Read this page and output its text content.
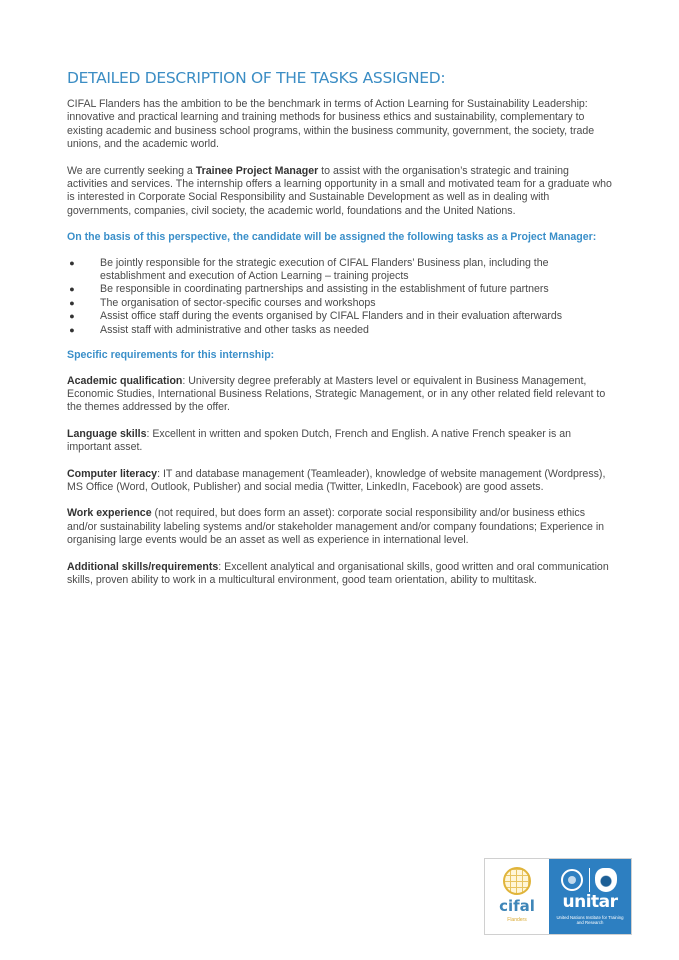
DETAILED DESCRIPTION OF THE TASKS ASSIGNED:

CIFAL Flanders has the ambition to be the benchmark in terms of Action Learning for Sustainability Leadership: innovative and practical learning and training methods for business ethics and sustainability, complementary to existing academic and business school programs, within the business community, government, the society, trade unions, and the academic world.

We are currently seeking a Trainee Project Manager to assist with the organisation’s strategic and training activities and services. The internship offers a learning opportunity in a small and motivated team for a graduate who is interested in Corporate Social Responsibility and Sustainable Development as well as in dealing with governments, companies, civil society, the academic world, foundations and the United Nations.

On the basis of this perspective, the candidate will be assigned the following tasks as a Project Manager:

● Be jointly responsible for the strategic execution of CIFAL Flanders’ Business plan, including the establishment and execution of Action Learning – training projects
● Be responsible in coordinating partnerships and assisting in the establishment of future partners
● The organisation of sector-specific courses and workshops
● Assist office staff during the events organised by CIFAL Flanders and in their evaluation afterwards
● Assist staff with administrative and other tasks as needed

Specific requirements for this internship:

Academic qualification: University degree preferably at Masters level or equivalent in Business Management, Economic Studies, International Business Relations, Strategic Management, or in any other related field relevant to the themes addressed by the offer.

Language skills: Excellent in written and spoken Dutch, French and English. A native French speaker is an important asset.

Computer literacy: IT and database management (Teamleader), knowledge of website management (Wordpress), MS Office (Word, Outlook, Publisher) and social media (Twitter, LinkedIn, Facebook) are good assets.

Work experience (not required, but does form an asset): corporate social responsibility and/or business ethics and/or sustainability labeling systems and/or stakeholder management and/or company foundations; Experience in organising large events would be an asset as well as experience in international level.

Additional skills/requirements: Excellent analytical and organisational skills, good written and oral communication skills, proven ability to work in a multicultural environment, good team orientation, ability to multitask.

cifal
Flanders
unitar
United Nations Institute for Training and Research
